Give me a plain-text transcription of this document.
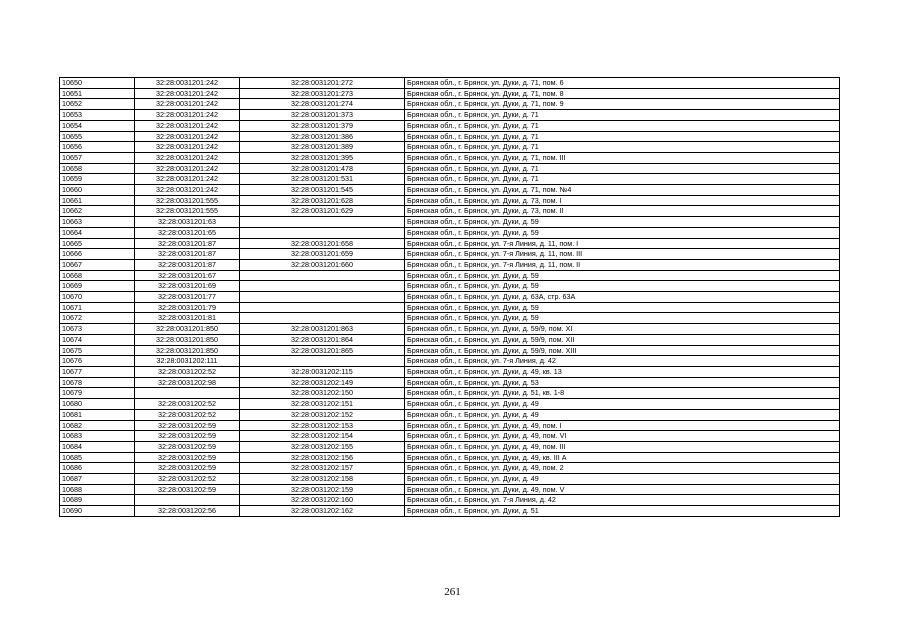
10650	32:28:0031201:242	32:28:0031201:272	Брянская обл., г. Брянск, ул. Дуки, д. 71, пом. 6
10651	32:28:0031201:242	32:28:0031201:273	Брянская обл., г. Брянск, ул. Дуки, д. 71, пом. 8
10652	32:28:0031201:242	32:28:0031201:274	Брянская обл., г. Брянск, ул. Дуки, д. 71, пом. 9
10653	32:28:0031201:242	32:28:0031201:373	Брянская обл., г. Брянск, ул. Дуки, д. 71
10654	32:28:0031201:242	32:28:0031201:379	Брянская обл., г. Брянск, ул. Дуки, д. 71
10655	32:28:0031201:242	32:28:0031201:386	Брянская обл., г. Брянск, ул. Дуки, д. 71
10656	32:28:0031201:242	32:28:0031201:389	Брянская обл., г. Брянск, ул. Дуки, д. 71
10657	32:28:0031201:242	32:28:0031201:395	Брянская обл., г. Брянск, ул. Дуки, д. 71, пом. III
10658	32:28:0031201:242	32:28:0031201:478	Брянская обл., г. Брянск, ул. Дуки, д. 71
10659	32:28:0031201:242	32:28:0031201:531	Брянская обл., г. Брянск, ул. Дуки, д. 71
10660	32:28:0031201:242	32:28:0031201:545	Брянская обл., г. Брянск, ул. Дуки, д. 71, пом. №4
10661	32:28:0031201:555	32:28:0031201:628	Брянская обл., г. Брянск, ул. Дуки, д. 73, пом. I
10662	32:28:0031201:555	32:28:0031201:629	Брянская обл., г. Брянск, ул. Дуки, д. 73, пом. II
10663	32:28:0031201:63		Брянская обл., г. Брянск, ул. Дуки, д. 59
10664	32:28:0031201:65		Брянская обл., г. Брянск, ул. Дуки, д. 59
10665	32:28:0031201:87	32:28:0031201:658	Брянская обл., г. Брянск, ул. 7-я Линия, д. 11, пом. I
10666	32:28:0031201:87	32:28:0031201:659	Брянская обл., г. Брянск, ул. 7-я Линия, д. 11, пом. III
10667	32:28:0031201:87	32:28:0031201:660	Брянская обл., г. Брянск, ул. 7-я Линия, д. 11, пом. II
10668	32:28:0031201:67		Брянская обл., г. Брянск, ул. Дуки, д. 59
10669	32:28:0031201:69		Брянская обл., г. Брянск, ул. Дуки, д. 59
10670	32:28:0031201:77		Брянская обл., г. Брянск, ул. Дуки, д. 63А, стр. 63А
10671	32:28:0031201:79		Брянская обл., г. Брянск, ул. Дуки, д. 59
10672	32:28:0031201:81		Брянская обл., г. Брянск, ул. Дуки, д. 59
10673	32:28:0031201:850	32:28:0031201:863	Брянская обл., г. Брянск, ул. Дуки, д. 59/9, пом. XI
10674	32:28:0031201:850	32:28:0031201:864	Брянская обл., г. Брянск, ул. Дуки, д. 59/9, пом. XII
10675	32:28:0031201:850	32:28:0031201:865	Брянская обл., г. Брянск, ул. Дуки, д. 59/9, пом. XIII
10676	32:28:0031202:111		Брянская обл., г. Брянск, ул. 7-я Линия, д. 42
10677	32:28:0031202:52	32:28:0031202:115	Брянская обл., г. Брянск, ул. Дуки, д. 49, кв. 13
10678	32:28:0031202:98	32:28:0031202:149	Брянская обл., г. Брянск, ул. Дуки, д. 53
10679		32:28:0031202:150	Брянская обл., г. Брянск, ул. Дуки, д. 51, кв. 1-8
10680	32:28:0031202:52	32:28:0031202:151	Брянская обл., г. Брянск, ул. Дуки, д. 49
10681	32:28:0031202:52	32:28:0031202:152	Брянская обл., г. Брянск, ул. Дуки, д. 49
10682	32:28:0031202:59	32:28:0031202:153	Брянская обл., г. Брянск, ул. Дуки, д. 49, пом. I
10683	32:28:0031202:59	32:28:0031202:154	Брянская обл., г. Брянск, ул. Дуки, д. 49, пом. VI
10684	32:28:0031202:59	32:28:0031202:155	Брянская обл., г. Брянск, ул. Дуки, д. 49, пом. III
10685	32:28:0031202:59	32:28:0031202:156	Брянская обл., г. Брянск, ул. Дуки, д. 49, кв. III А
10686	32:28:0031202:59	32:28:0031202:157	Брянская обл., г. Брянск, ул. Дуки, д. 49, пом. 2
10687	32:28:0031202:52	32:28:0031202:158	Брянская обл., г. Брянск, ул. Дуки, д. 49
10688	32:28:0031202:59	32:28:0031202:159	Брянская обл., г. Брянск, ул. Дуки, д. 49, пом. V
10689		32:28:0031202:160	Брянская обл., г. Брянск, ул. 7-я Линия, д. 42
10690	32:28:0031202:56	32:28:0031202:162	Брянская обл., г. Брянск, ул. Дуки, д. 51
261
